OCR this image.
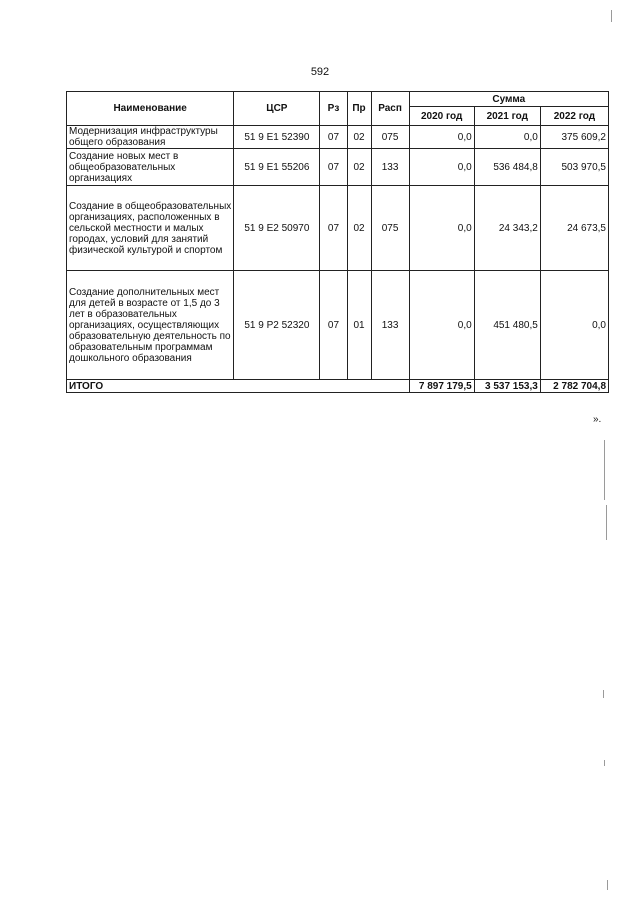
592
Наименование	ЦСР	Рз	Пр	Расп	Сумма		
					2020 год	2021 год	2022 год
Модернизация инфраструктуры общего образования	51 9 Е1 52390	07	02	075	0,0	0,0	375 609,2
Создание новых мест в общеобразовательных организациях	51 9 Е1 55206	07	02	133	0,0	536 484,8	503 970,5
Создание в общеобразовательных организациях, расположенных в сельской местности и малых городах, условий для занятий физической культурой и спортом	51 9 Е2 50970	07	02	075	0,0	24 343,2	24 673,5
Создание дополнительных мест для детей в возрасте от 1,5 до 3 лет в образовательных организациях, осуществляющих образовательную деятельность по образовательным программам дошкольного образования	51 9 Р2 52320	07	01	133	0,0	451 480,5	0,0
ИТОГО					7 897 179,5	3 537 153,3	2 782 704,8
».
